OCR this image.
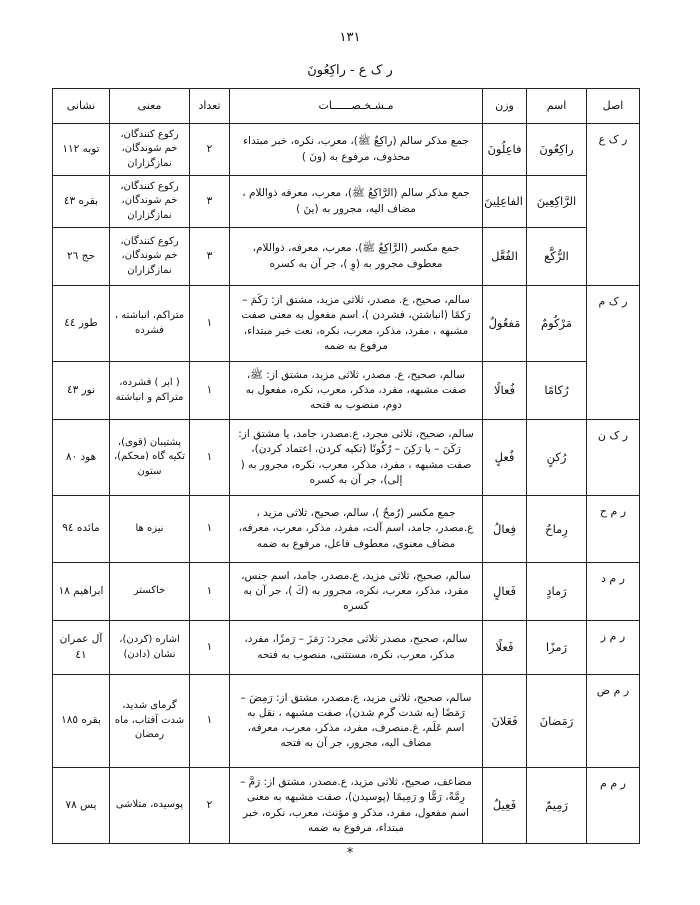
١٣١
ر ک ع - راکِعُونَ
اصل	اسم	وزن	مـشـخـصــــــات	تعداد	معنی	نشانی
ر ک ع	راكِعُونَ	فاعِلُونَ	جمع مذکر سالم (راكِعٌ ﷺ)، معرب، نکره، خبر مبتداء محذوف، مرفوع به (ونَ )	٢	رکوع کنندگان، خم شوندگان، نمازگزاران	توبه ١١٢
	الرَّاكِعِينَ	الفاعِلِينَ	جمع مذکر سالم (الرَّاكِعُ ﷺ)، معرب، معرفه ذواللام ، مضاف الیه، مجرور به (ینَ )	٣	رکوع کنندگان، خم شوندگان، نمازگزاران	بقره ٤٣
	الرُّكَّع	الفُعَّل	جمع مکسر (الرَّاكِعُ ﷺ)، معرب، معرفه، ذواللام، معطوف مجرور به (وِ )، جر آن به کسره	٣	رکوع کنندگان، خم شوندگان، نمازگزاران	حج ٢٦
ر ک م	مَرْكُومٌ	مَفعُولٌ	سالم، صحیح، ع. مصدر، ثلاثی مزید، مشتق از: رَكَمَ – رَكمًا (انباشتن، فشردن )، اسم مفعول به معنی صفت مشبهه ، مفرد، مذکر، معرب، نکره، نعت خبر مبتداء، مرفوع به ضمه	١	متراکم، انباشته ، فشرده	طور ٤٤
	رُكامًا	فُعالًا	سالم، صحیح، ع. مصدر، ثلاثی مزید، مشتق از: ﷺ، صفت مشبهه، مفرد، مذکر، معرب، نکره، مفعول به دوم، منصوب به فتحه	١	( ابر ) فشرده، متراکم و انباشته	نور ٤٣
ر ک ن	رُكنٍ	فُعلٍ	سالم، صحیح، ثلاثی مجرد، ع.مصدر، جامد، یا مشتق از: رَكَنَ – یا رَكِنَ – رُكُونًا (تکیه کردن، اعتماد کردن)، صفت مشبهه ، مفرد، مذکر، معرب، نکره، مجرور به ( إلی)، جر آن به کسره	١	پشتیبان (قوی)، تکیه گاه (محکم)، ستون	هود ٨٠
ر م ح	رِماحُ	فِعالُ	جمع مکسر (رُمحٌ )، سالم، صحیح، ثلاثی مزید ، ع.مصدر، جامد، اسم آلت، مفرد، مذکر، معرب، معرفه، مضاف معنوی، معطوف فاعل، مرفوع به ضمه	١	نیزه ها	مائده ٩٤
ر م د	رَمادٍ	فَعالٍ	سالم، صحیح، ثلاثی مزید، ع.مصدر، جامد، اسم جنس، مفرد، مذکر، معرب، نکره، مجرور به (كَ )، جر آن به کسره	١	خاکستر	ابراهیم ١٨
ر م ز	رَمزًا	فَعلًا	سالم، صحیح، مصدر ثلاثی مجرد: رَمَزَ – رَمزًا، مفرد، مذکر، معرب، نکره، مستثنی، منصوب به فتحه	١	اشاره (کردن)، نشان (دادن)	آل عمران ٤١
ر م ض	رَمَضانَ	فَعَلانَ	سالم، صحیح، ثلاثی مزید، ع.مصدر، مشتق از: رَمِضَ – رَمَضًا (به شدت گرم شدن)، صفت مشبهه ، نقل به اسم عَلَم، غ.منصرف، مفرد، مذکر، معرب، معرفه، مضاف الیه، مجرور، جر آن به فتحه	١	گرمای شدید، شدت آفتاب، ماه رمضان	بقره ١٨٥
ر م م	رَمِيمٌ	فَعِيلٌ	مضاعف، صحیح، ثلاثی مزید، ع.مصدر، مشتق از: رَمَّ – رِمَّةً، رَمًّا و رَمِیمًا (پوسیدن)، صفت مشبهه به معنی اسم مفعول، مفرد، مذکر و مؤنث، معرب، نکره، خبر مبتداء، مرفوع به ضمه	٢	پوسیده، متلاشی	یس ٧٨
*
